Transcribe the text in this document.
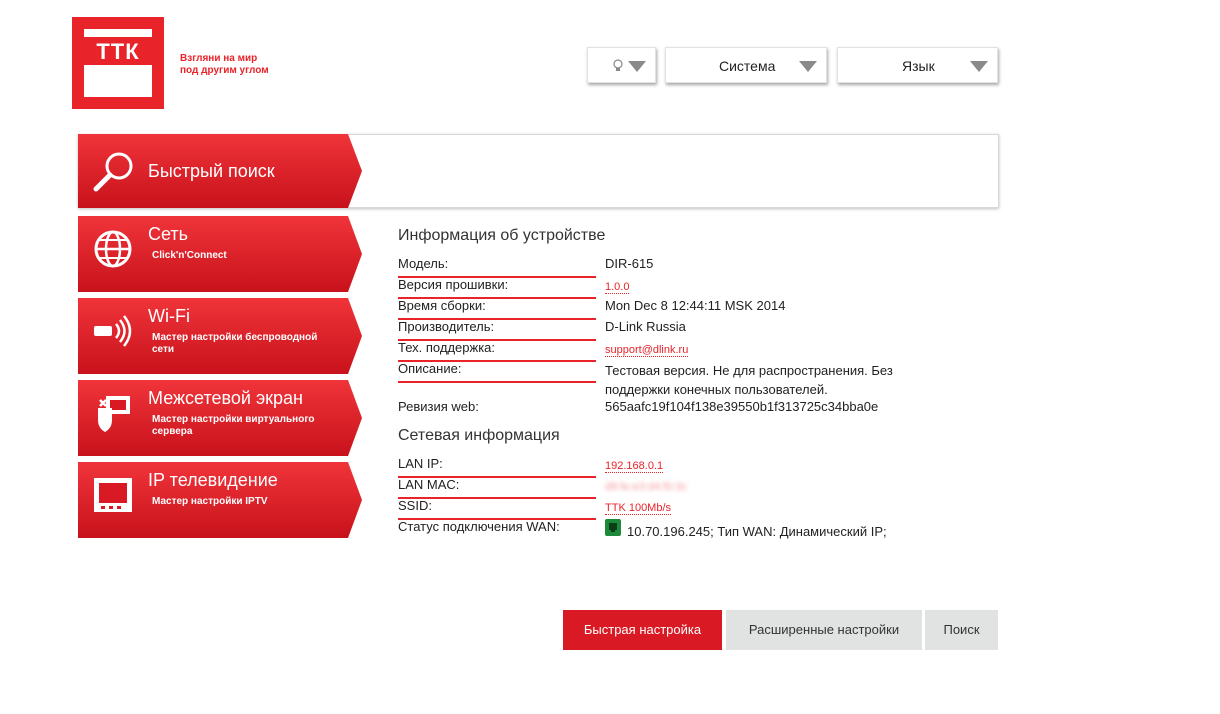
ТТК	Взгляни на мир
под другим углом	Система	Язык
Быстрый поиск
Сеть
Click'n'Connect
Wi-Fi
Мастер настройки беспроводной сети
Межсетевой экран
Мастер настройки виртуального сервера
IP телевидение
Мастер настройки IPTV
Информация об устройстве
Модель:	DIR-615
Версия прошивки:	1.0.0
Время сборки:	Mon Dec 8 12:44:11 MSK 2014
Производитель:	D-Link Russia
Тех. поддержка:	support@dlink.ru
Описание:	Тестовая версия. Не для распространения. Без
поддержки конечных пользователей.
Ревизия web:	565aafc19f104f138e39550b1f313725c34bba0e
Сетевая информация
LAN IP:	192.168.0.1
LAN MAC:	d8:fe:e3:d4:f0:3c
SSID:	TTK 100Mb/s
Статус подключения WAN:	10.70.196.245; Тип WAN: Динамический IP;
Быстрая настройка	Расширенные настройки	Поиск
